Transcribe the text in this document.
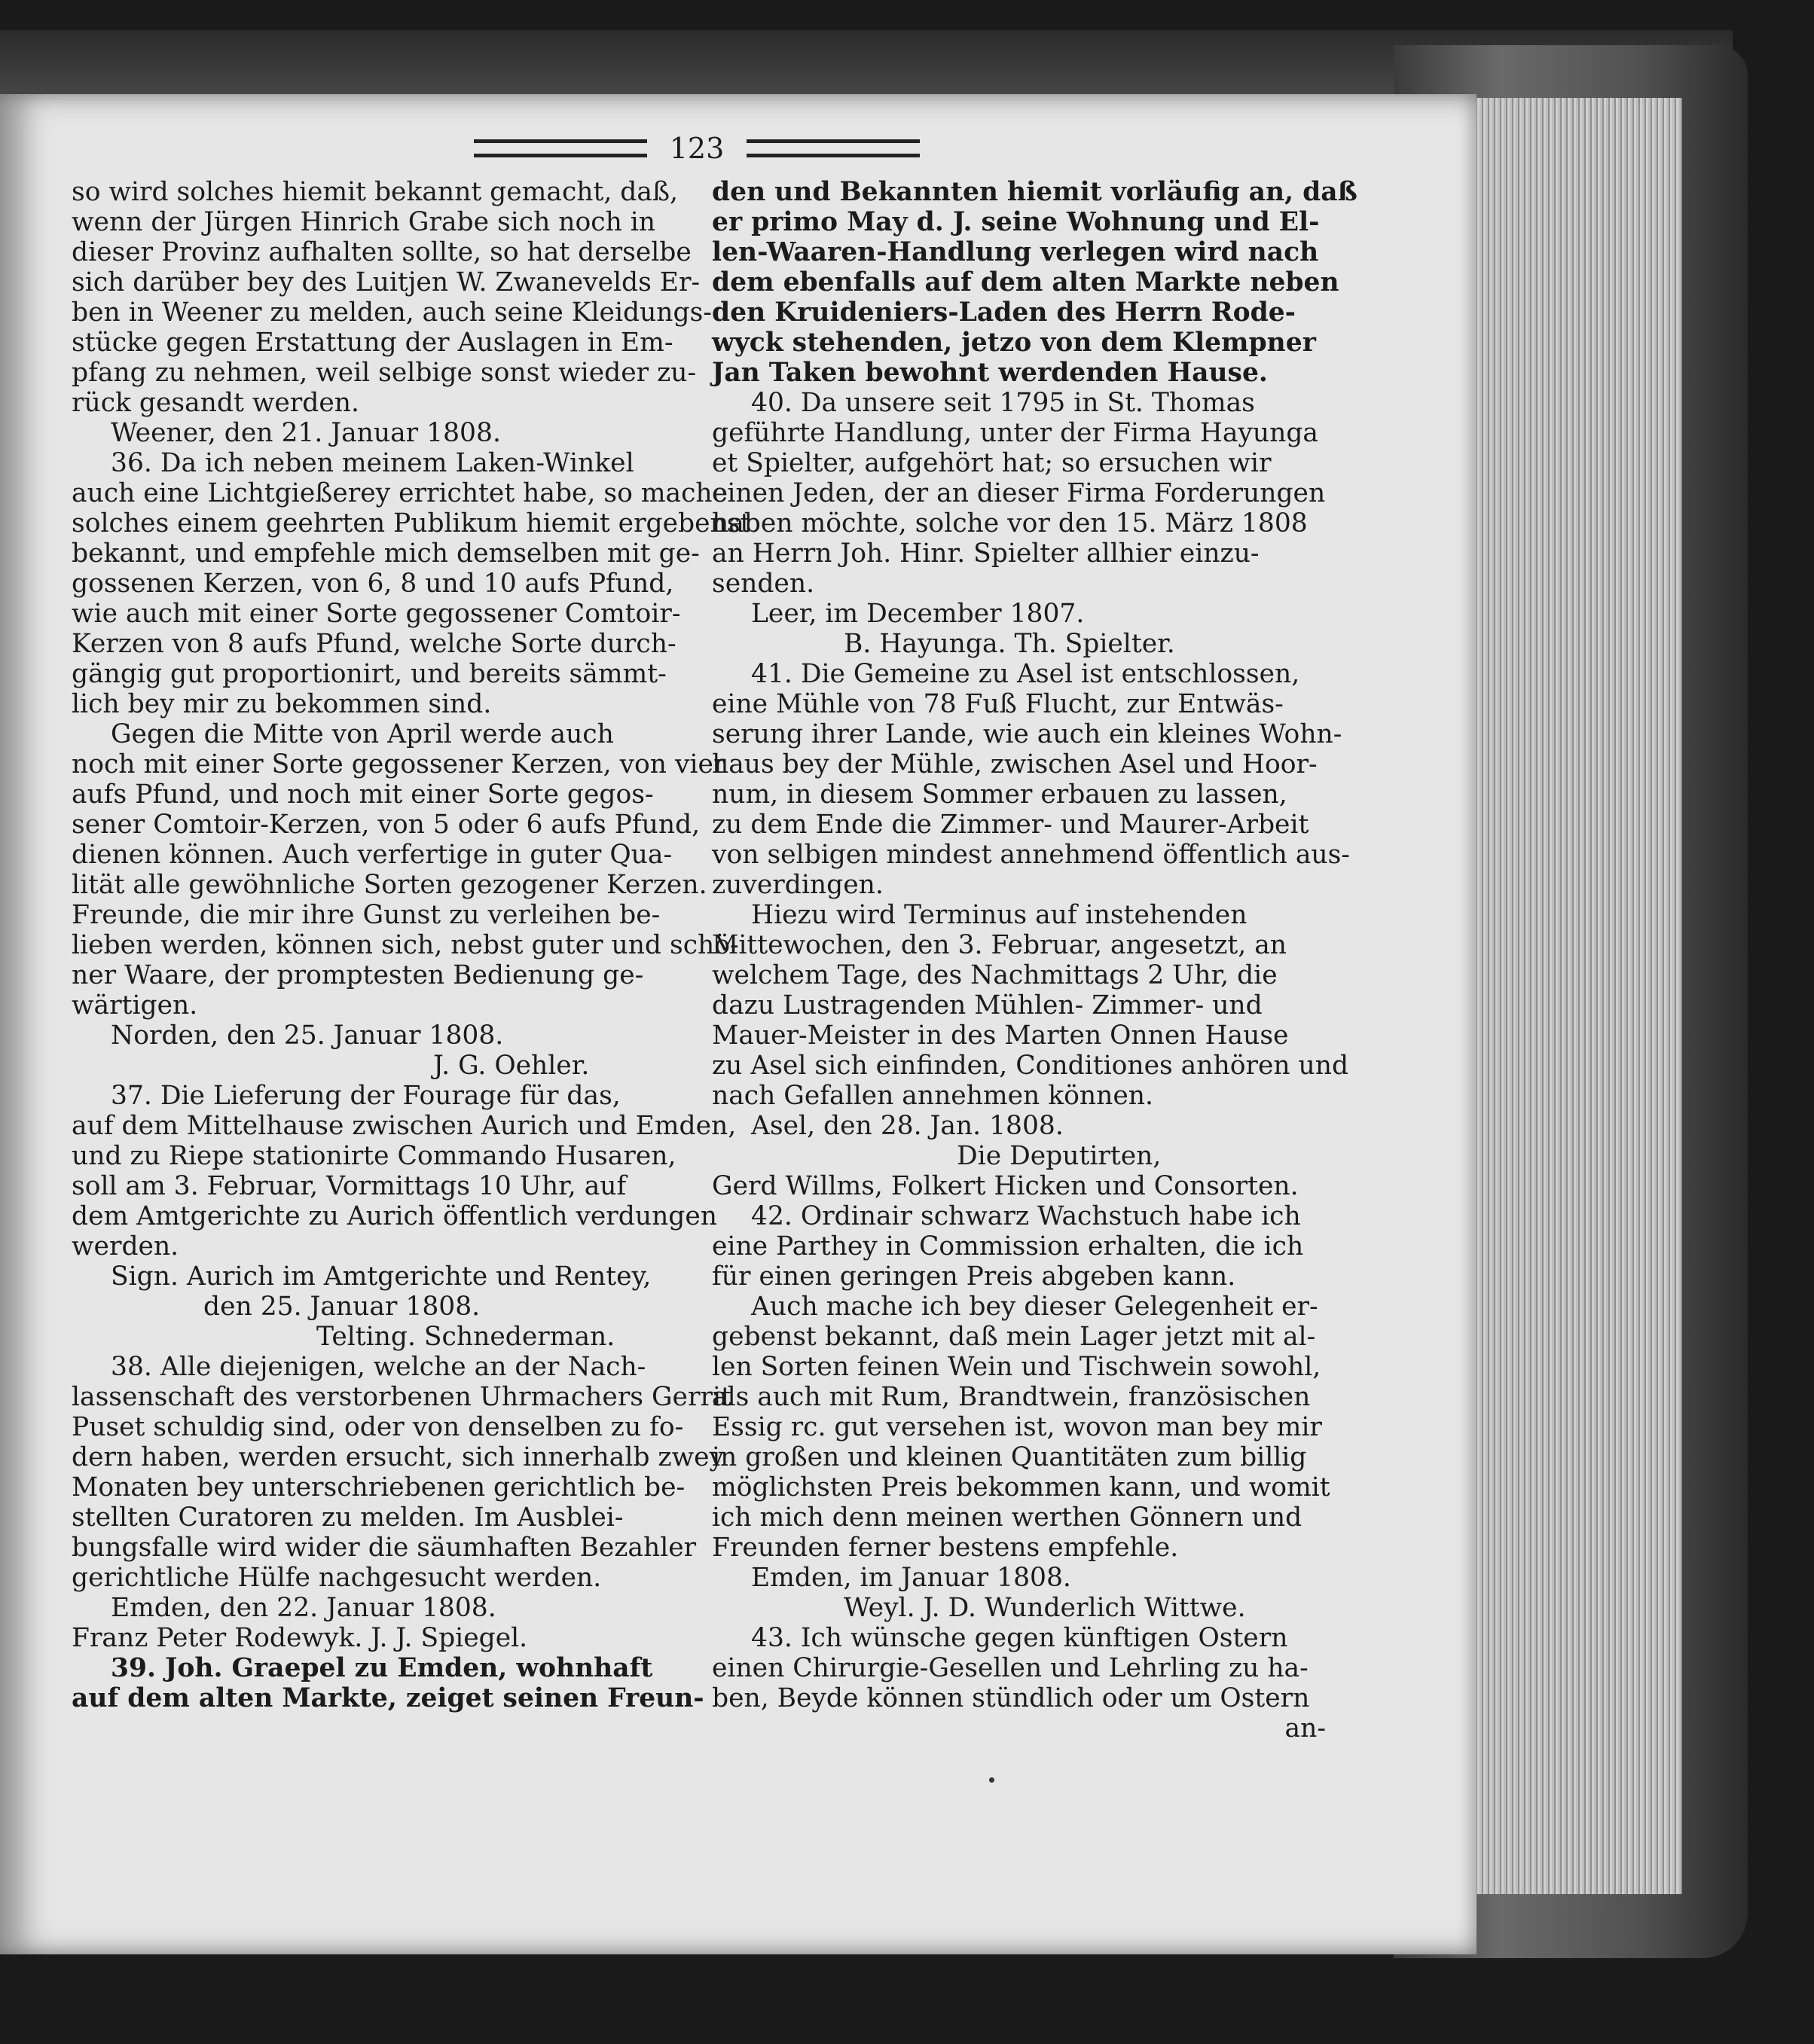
123
so wird solches hiemit bekannt gemacht, daß,
wenn der Jürgen Hinrich Grabe sich noch in
dieser Provinz aufhalten sollte, so hat derselbe
sich darüber bey des Luitjen W. Zwanevelds Er-
ben in Weener zu melden, auch seine Kleidungs-
stücke gegen Erstattung der Auslagen in Em-
pfang zu nehmen, weil selbige sonst wieder zu-
rück gesandt werden.
Weener, den 21. Januar 1808.
36. Da ich neben meinem Laken-Winkel
auch eine Lichtgießerey errichtet habe, so mache
solches einem geehrten Publikum hiemit ergebenst
bekannt, und empfehle mich demselben mit ge-
gossenen Kerzen, von 6, 8 und 10 aufs Pfund,
wie auch mit einer Sorte gegossener Comtoir-
Kerzen von 8 aufs Pfund, welche Sorte durch-
gängig gut proportionirt, und bereits sämmt-
lich bey mir zu bekommen sind.
Gegen die Mitte von April werde auch
noch mit einer Sorte gegossener Kerzen, von vier
aufs Pfund, und noch mit einer Sorte gegos-
sener Comtoir-Kerzen, von 5 oder 6 aufs Pfund,
dienen können. Auch verfertige in guter Qua-
lität alle gewöhnliche Sorten gezogener Kerzen.
Freunde, die mir ihre Gunst zu verleihen be-
lieben werden, können sich, nebst guter und schö-
ner Waare, der promptesten Bedienung ge-
wärtigen.
Norden, den 25. Januar 1808.
J. G. Oehler.
37. Die Lieferung der Fourage für das,
auf dem Mittelhause zwischen Aurich und Emden,
und zu Riepe stationirte Commando Husaren,
soll am 3. Februar, Vormittags 10 Uhr, auf
dem Amtgerichte zu Aurich öffentlich verdungen
werden.
Sign. Aurich im Amtgerichte und Rentey,
den 25. Januar 1808.
Telting. Schnederman.
38. Alle diejenigen, welche an der Nach-
lassenschaft des verstorbenen Uhrmachers Gerrit
Puset schuldig sind, oder von denselben zu fo-
dern haben, werden ersucht, sich innerhalb zwey
Monaten bey unterschriebenen gerichtlich be-
stellten Curatoren zu melden. Im Ausblei-
bungsfalle wird wider die säumhaften Bezahler
gerichtliche Hülfe nachgesucht werden.
Emden, den 22. Januar 1808.
Franz Peter Rodewyk. J. J. Spiegel.
39. Joh. Graepel zu Emden, wohnhaft
auf dem alten Markte, zeiget seinen Freun-
den und Bekannten hiemit vorläufig an, daß
er primo May d. J. seine Wohnung und El-
len-Waaren-Handlung verlegen wird nach
dem ebenfalls auf dem alten Markte neben
den Kruideniers-Laden des Herrn Rode-
wyck stehenden, jetzo von dem Klempner
Jan Taken bewohnt werdenden Hause.
40. Da unsere seit 1795 in St. Thomas
geführte Handlung, unter der Firma Hayunga
et Spielter, aufgehört hat; so ersuchen wir
einen Jeden, der an dieser Firma Forderungen
haben möchte, solche vor den 15. März 1808
an Herrn Joh. Hinr. Spielter allhier einzu-
senden.
Leer, im December 1807.
B. Hayunga. Th. Spielter.
41. Die Gemeine zu Asel ist entschlossen,
eine Mühle von 78 Fuß Flucht, zur Entwäs-
serung ihrer Lande, wie auch ein kleines Wohn-
haus bey der Mühle, zwischen Asel und Hoor-
num, in diesem Sommer erbauen zu lassen,
zu dem Ende die Zimmer- und Maurer-Arbeit
von selbigen mindest annehmend öffentlich aus-
zuverdingen.
Hiezu wird Terminus auf instehenden
Mittewochen, den 3. Februar, angesetzt, an
welchem Tage, des Nachmittags 2 Uhr, die
dazu Lustragenden Mühlen- Zimmer- und
Mauer-Meister in des Marten Onnen Hause
zu Asel sich einfinden, Conditiones anhören und
nach Gefallen annehmen können.
Asel, den 28. Jan. 1808.
Die Deputirten,
Gerd Willms, Folkert Hicken und Consorten.
42. Ordinair schwarz Wachstuch habe ich
eine Parthey in Commission erhalten, die ich
für einen geringen Preis abgeben kann.
Auch mache ich bey dieser Gelegenheit er-
gebenst bekannt, daß mein Lager jetzt mit al-
len Sorten feinen Wein und Tischwein sowohl,
als auch mit Rum, Brandtwein, französischen
Essig rc. gut versehen ist, wovon man bey mir
in großen und kleinen Quantitäten zum billig
möglichsten Preis bekommen kann, und womit
ich mich denn meinen werthen Gönnern und
Freunden ferner bestens empfehle.
Emden, im Januar 1808.
Weyl. J. D. Wunderlich Wittwe.
43. Ich wünsche gegen künftigen Ostern
einen Chirurgie-Gesellen und Lehrling zu ha-
ben, Beyde können stündlich oder um Ostern
an-
